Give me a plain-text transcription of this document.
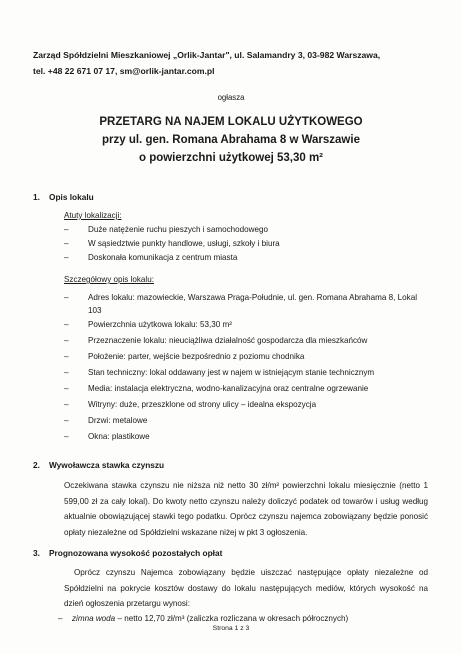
Zarząd Spółdzielni Mieszkaniowej „Orlik-Jantar", ul. Salamandry 3, 03-982 Warszawa,
tel. +48 22 671 07 17, sm@orlik-jantar.com.pl
ogłasza
PRZETARG NA NAJEM LOKALU UŻYTKOWEGO
przy ul. gen. Romana Abrahama 8 w Warszawie
o powierzchni użytkowej 53,30 m²
1. Opis lokalu
Atuty lokalizacji:
–	Duże natężenie ruchu pieszych i samochodowego
–	W sąsiedztwie punkty handlowe, usługi, szkoły i biura
–	Doskonała komunikacja z centrum miasta
Szczegółowy opis lokalu:
–	Adres lokalu: mazowieckie, Warszawa Praga-Południe, ul. gen. Romana Abrahama 8, Lokal 103
–	Powierzchnia użytkowa lokalu: 53,30 m²
–	Przeznaczenie lokalu: nieuciążliwa działalność gospodarcza dla mieszkańców
–	Położenie: parter, wejście bezpośrednio z poziomu chodnika
–	Stan techniczny: lokal oddawany jest w najem w istniejącym stanie technicznym
–	Media: instalacja elektryczna, wodno-kanalizacyjna oraz centralne ogrzewanie
–	Witryny: duże, przeszklone od strony ulicy – idealna ekspozycja
–	Drzwi: metalowe
–	Okna: plastikowe
2. Wywoławcza stawka czynszu
Oczekiwana stawka czynszu nie niższa niż netto 30 zł/m² powierzchni lokalu miesięcznie (netto 1 599,00 zł za cały lokal). Do kwoty netto czynszu należy doliczyć podatek od towarów i usług według aktualnie obowiązującej stawki tego podatku. Oprócz czynszu najemca zobowiązany będzie ponosić opłaty niezależne od Spółdzielni wskazane niżej w pkt 3 ogłoszenia.
3. Prognozowana wysokość pozostałych opłat
Oprócz czynszu Najemca zobowiązany będzie uiszczać następujące opłaty niezależne od Spółdzielni na pokrycie kosztów dostawy do lokalu następujących mediów, których wysokość na dzień ogłoszenia przetargu wynosi:
–	zimna woda – netto 12,70 zł/m³ (zaliczka rozliczana w okresach półrocznych)
Strona 1 z 3
